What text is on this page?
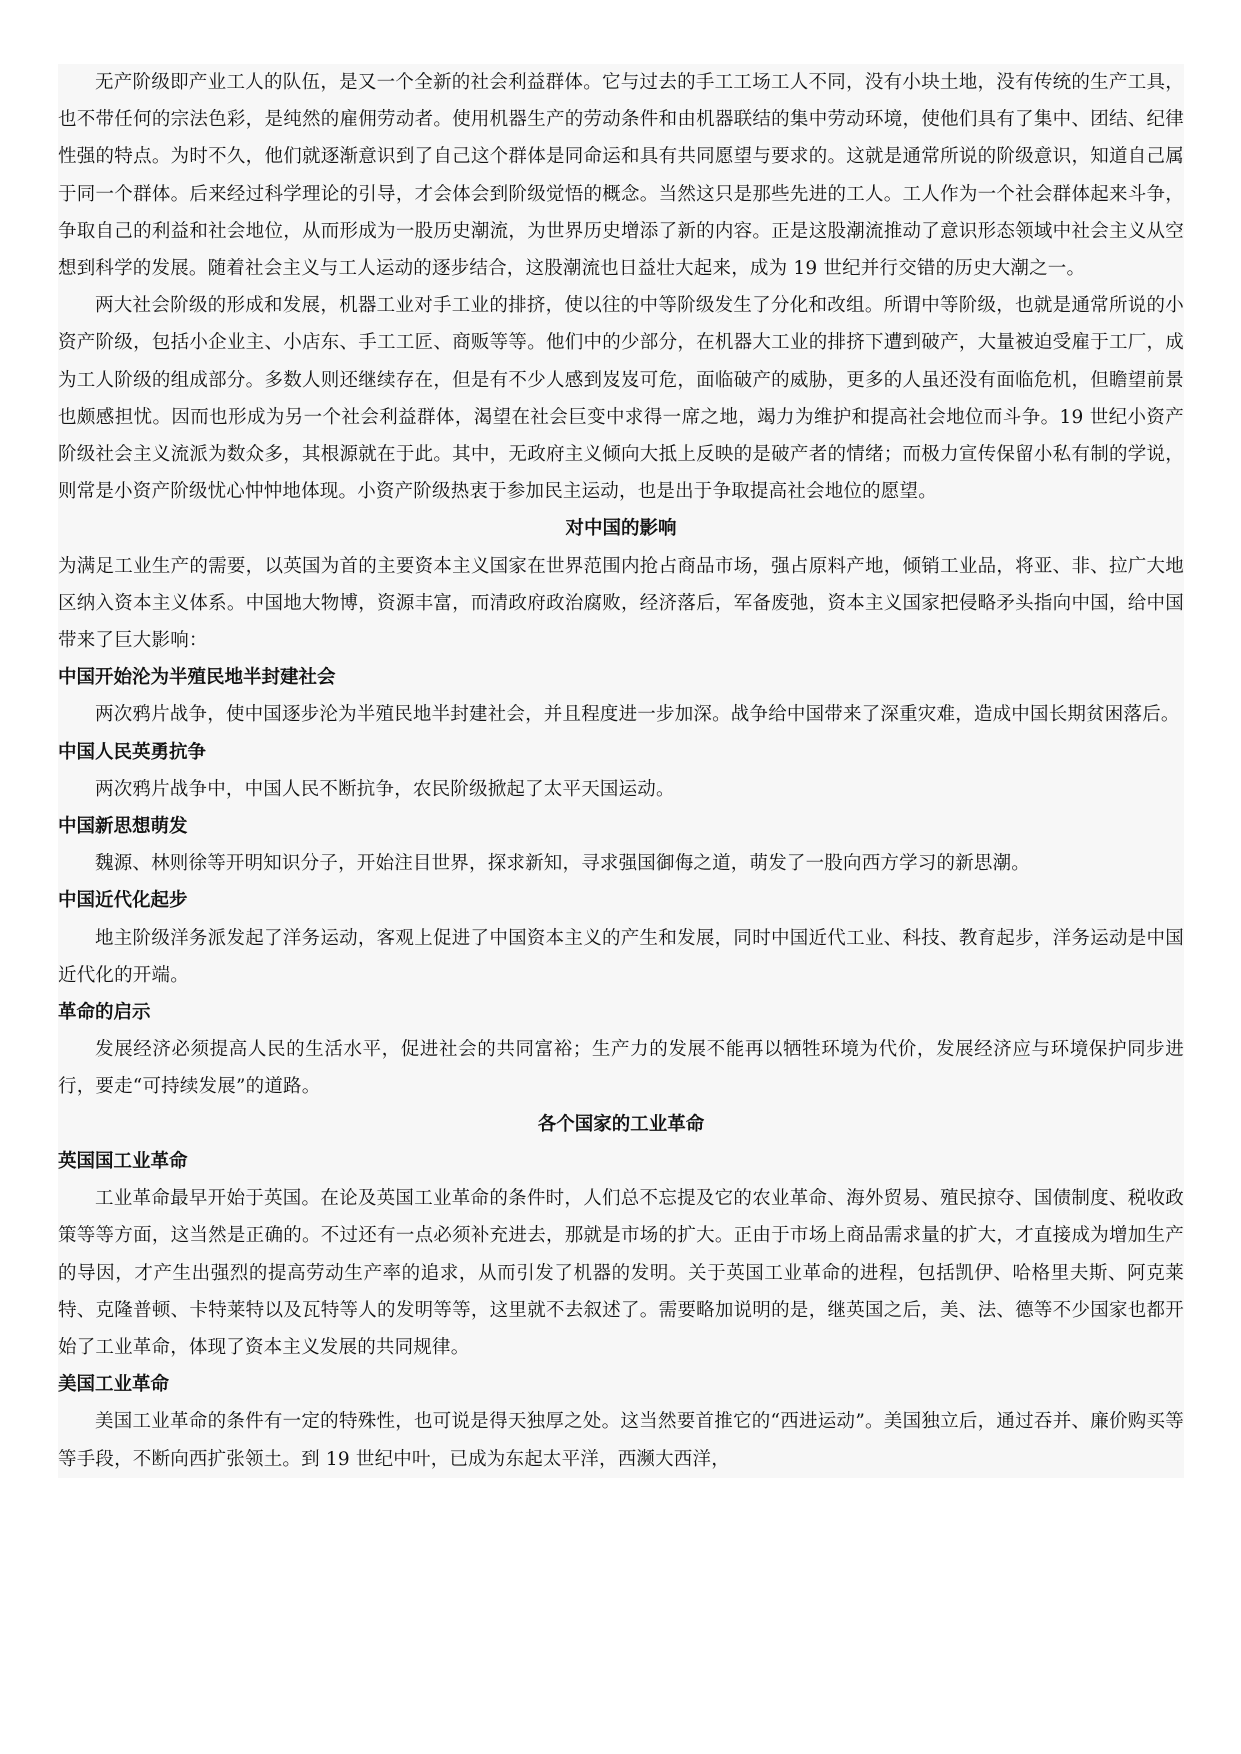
无产阶级即产业工人的队伍，是又一个全新的社会利益群体。它与过去的手工工场工人不同，没有小块土地，没有传统的生产工具，也不带任何的宗法色彩，是纯然的雇佣劳动者。使用机器生产的劳动条件和由机器联结的集中劳动环境，使他们具有了集中、团结、纪律性强的特点。为时不久，他们就逐渐意识到了自己这个群体是同命运和具有共同愿望与要求的。这就是通常所说的阶级意识，知道自己属于同一个群体。后来经过科学理论的引导，才会体会到阶级觉悟的概念。当然这只是那些先进的工人。工人作为一个社会群体起来斗争，争取自己的利益和社会地位，从而形成为一股历史潮流，为世界历史增添了新的内容。正是这股潮流推动了意识形态领域中社会主义从空想到科学的发展。随着社会主义与工人运动的逐步结合，这股潮流也日益壮大起来，成为 19 世纪并行交错的历史大潮之一。

两大社会阶级的形成和发展，机器工业对手工业的排挤，使以往的中等阶级发生了分化和改组。所谓中等阶级，也就是通常所说的小资产阶级，包括小企业主、小店东、手工工匠、商贩等等。他们中的少部分，在机器大工业的排挤下遭到破产，大量被迫受雇于工厂，成为工人阶级的组成部分。多数人则还继续存在，但是有不少人感到岌岌可危，面临破产的威胁，更多的人虽还没有面临危机，但瞻望前景也颇感担忧。因而也形成为另一个社会利益群体，渴望在社会巨变中求得一席之地，竭力为维护和提高社会地位而斗争。19 世纪小资产阶级社会主义流派为数众多，其根源就在于此。其中，无政府主义倾向大抵上反映的是破产者的情绪；而极力宣传保留小私有制的学说，则常是小资产阶级忧心忡忡地体现。小资产阶级热衷于参加民主运动，也是出于争取提高社会地位的愿望。

对中国的影响

为满足工业生产的需要，以英国为首的主要资本主义国家在世界范围内抢占商品市场，强占原料产地，倾销工业品，将亚、非、拉广大地区纳入资本主义体系。中国地大物博，资源丰富，而清政府政治腐败，经济落后，军备废弛，资本主义国家把侵略矛头指向中国，给中国带来了巨大影响：

中国开始沦为半殖民地半封建社会

两次鸦片战争，使中国逐步沦为半殖民地半封建社会，并且程度进一步加深。战争给中国带来了深重灾难，造成中国长期贫困落后。

中国人民英勇抗争

两次鸦片战争中，中国人民不断抗争，农民阶级掀起了太平天国运动。

中国新思想萌发

魏源、林则徐等开明知识分子，开始注目世界，探求新知，寻求强国御侮之道，萌发了一股向西方学习的新思潮。

中国近代化起步

地主阶级洋务派发起了洋务运动，客观上促进了中国资本主义的产生和发展，同时中国近代工业、科技、教育起步，洋务运动是中国近代化的开端。

革命的启示

发展经济必须提高人民的生活水平，促进社会的共同富裕；生产力的发展不能再以牺牲环境为代价，发展经济应与环境保护同步进行，要走“可持续发展”的道路。

各个国家的工业革命
英国国工业革命

工业革命最早开始于英国。在论及英国工业革命的条件时，人们总不忘提及它的农业革命、海外贸易、殖民掠夺、国债制度、税收政策等等方面，这当然是正确的。不过还有一点必须补充进去，那就是市场的扩大。正由于市场上商品需求量的扩大，才直接成为增加生产的导因，才产生出强烈的提高劳动生产率的追求，从而引发了机器的发明。关于英国工业革命的进程，包括凯伊、哈格里夫斯、阿克莱特、克隆普顿、卡特莱特以及瓦特等人的发明等等，这里就不去叙述了。需要略加说明的是，继英国之后，美、法、德等不少国家也都开始了工业革命，体现了资本主义发展的共同规律。

美国工业革命

美国工业革命的条件有一定的特殊性，也可说是得天独厚之处。这当然要首推它的“西进运动”。美国独立后，通过吞并、廉价购买等等手段，不断向西扩张领土。到 19 世纪中叶，已成为东起太平洋，西濒大西洋，
